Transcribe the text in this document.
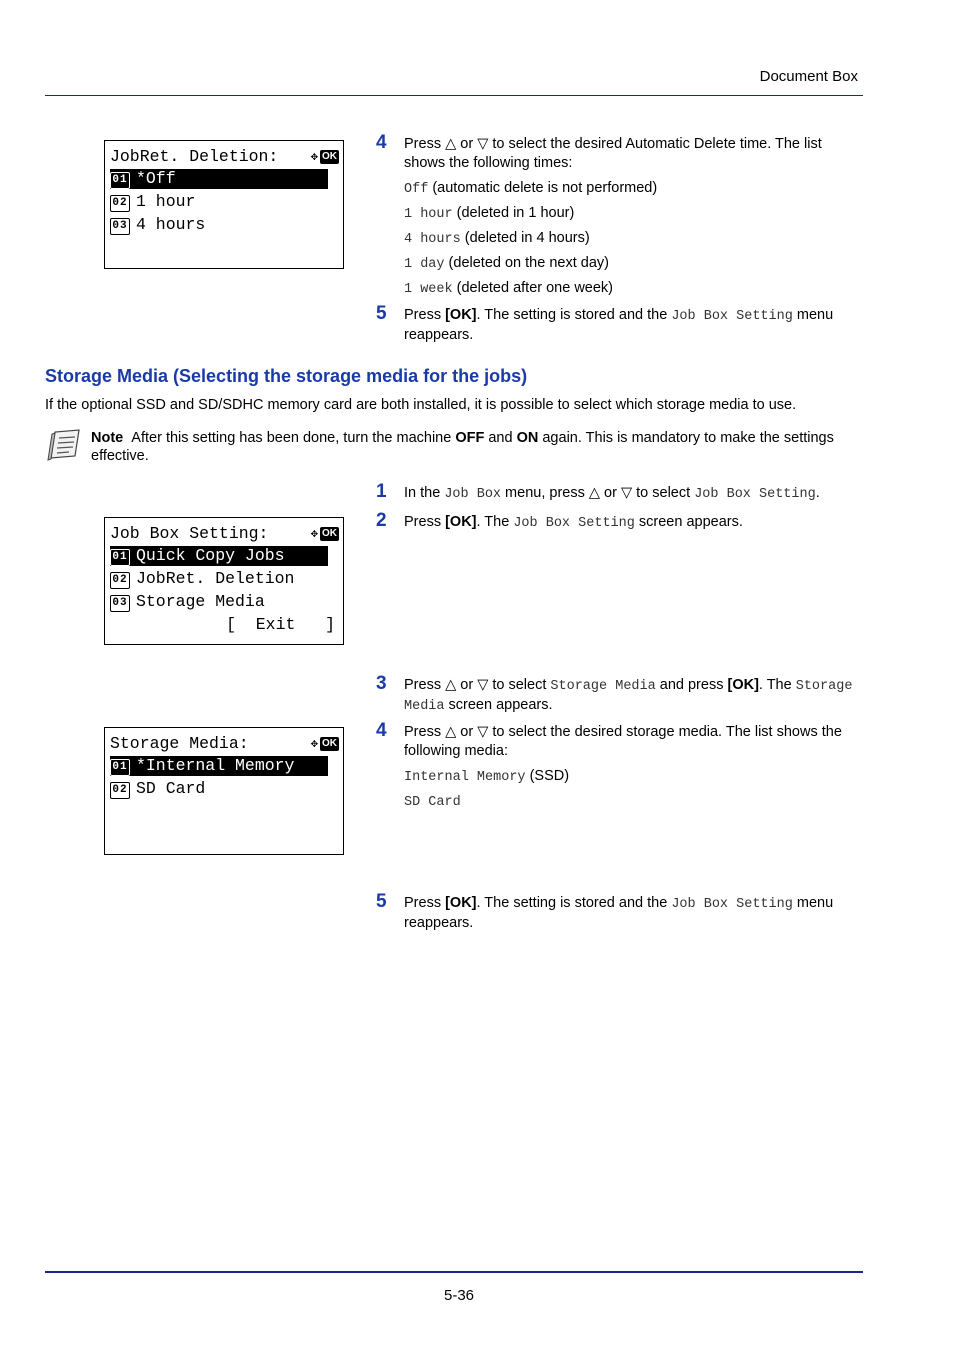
Document Box
JobRet. Deletion:	✥ OK
01 *Off
02 1 hour
03 4 hours
4	Press △ or ▽ to select the desired Automatic Delete time. The list shows the following times:
Off (automatic delete is not performed)
1 hour (deleted in 1 hour)
4 hours (deleted in 4 hours)
1 day (deleted on the next day)
1 week (deleted after one week)
5	Press [OK]. The setting is stored and the Job Box Setting menu reappears.
Storage Media (Selecting the storage media for the jobs)
If the optional SSD and SD/SDHC memory card are both installed, it is possible to select which storage media to use.
Note After this setting has been done, turn the machine OFF and ON again. This is mandatory to make the settings effective.
1	In the Job Box menu, press △ or ▽ to select Job Box Setting.
2	Press [OK]. The Job Box Setting screen appears.
Job Box Setting:	✥ OK
01 Quick Copy Jobs
02 JobRet. Deletion
03 Storage Media
[  Exit   ]
3	Press △ or ▽ to select Storage Media and press [OK]. The Storage Media screen appears.
4	Press △ or ▽ to select the desired storage media. The list shows the following media:
Internal Memory (SSD)
SD Card
Storage Media:	✥ OK
01 *Internal Memory
02 SD Card
5	Press [OK]. The setting is stored and the Job Box Setting menu reappears.
5-36
